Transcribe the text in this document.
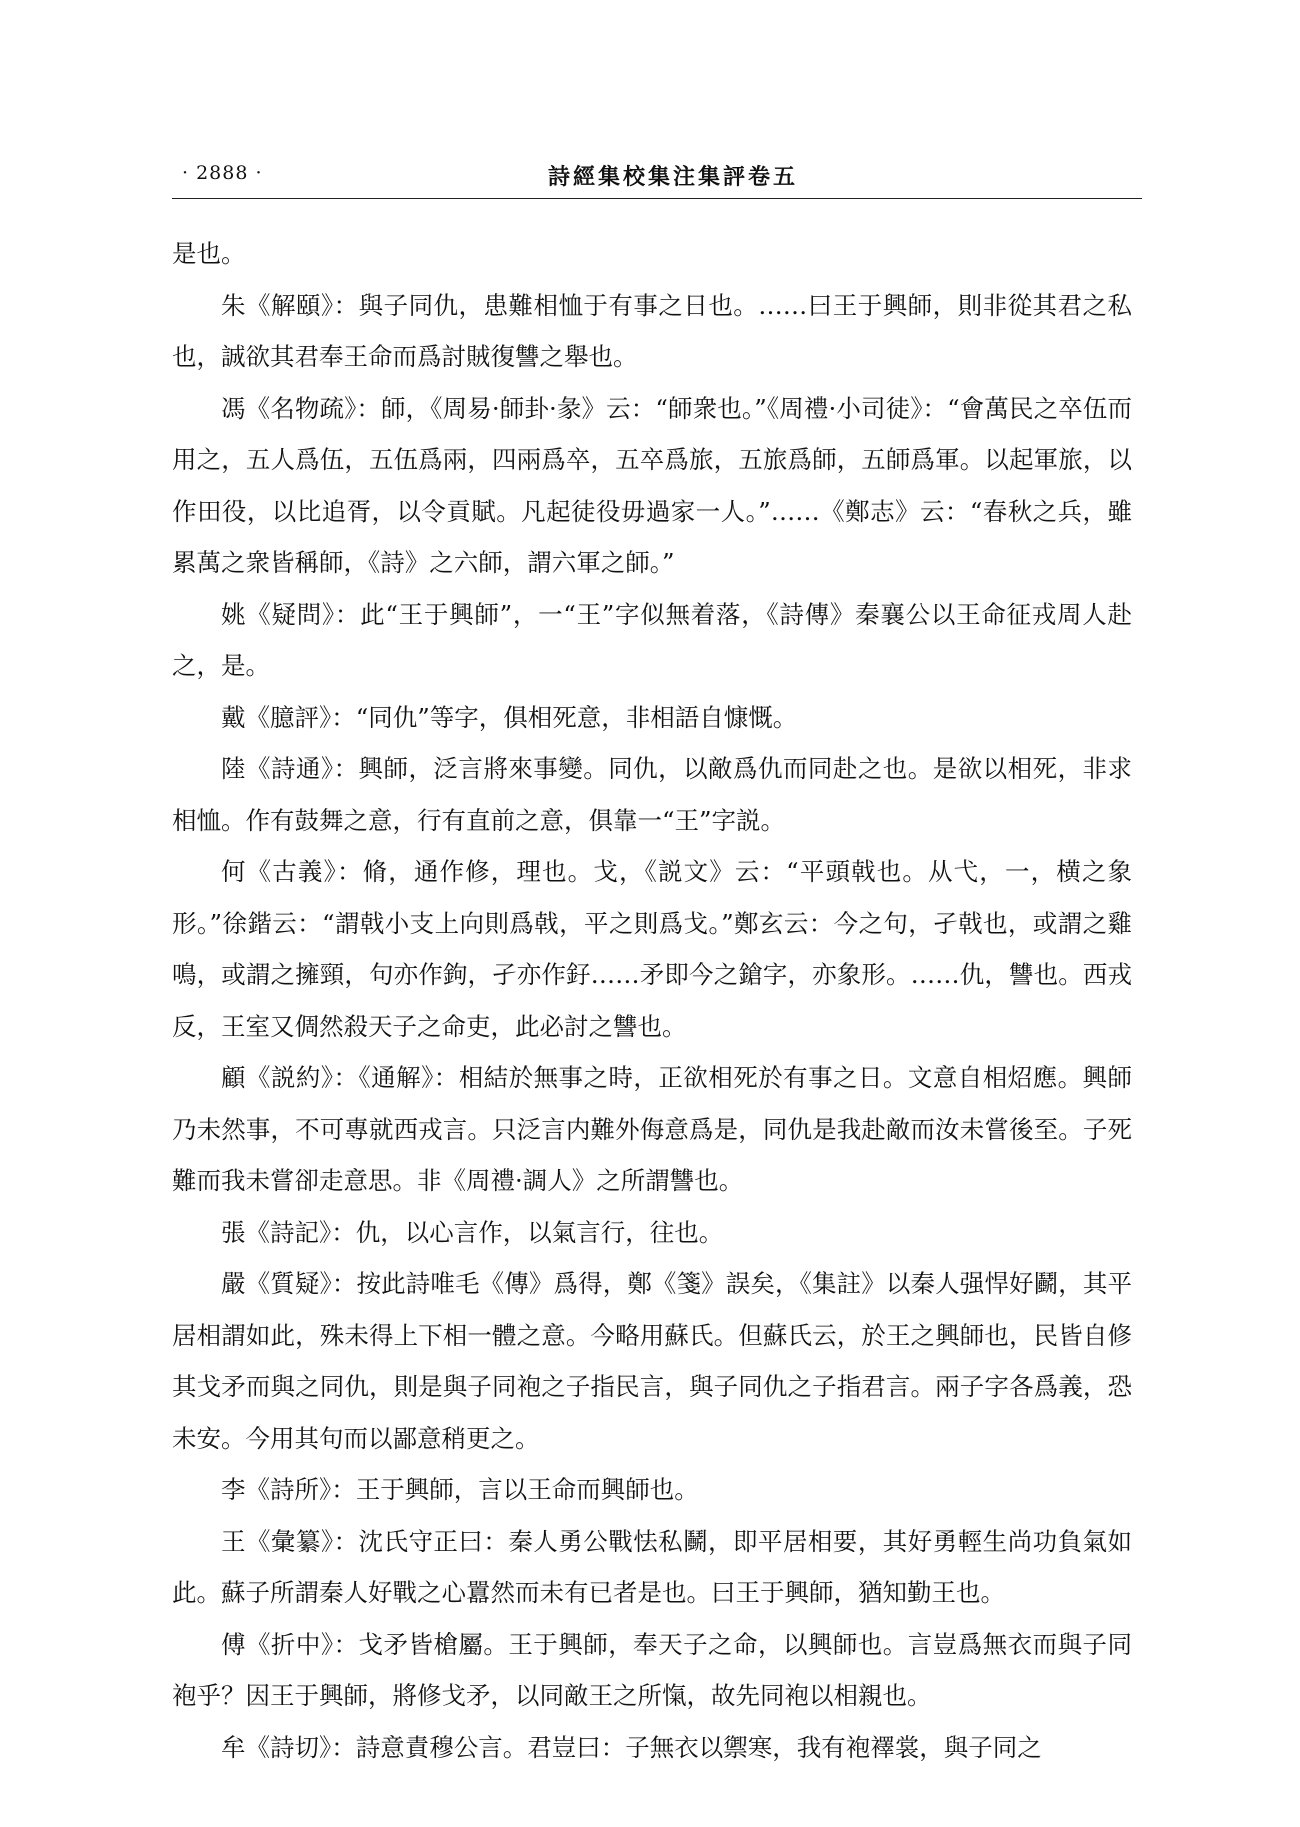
· 2888 ·	詩經集校集注集評卷五

是也。

朱《解頤》：與子同仇，患難相恤于有事之日也。……曰王于興師，則非從其君之私也，誠欲其君奉王命而爲討賊復讐之舉也。

馮《名物疏》：師，《周易·師卦·彖》云：“師衆也。”《周禮·小司徒》：“會萬民之卒伍而用之，五人爲伍，五伍爲兩，四兩爲卒，五卒爲旅，五旅爲師，五師爲軍。以起軍旅，以作田役，以比追胥，以令貢賦。凡起徒役毋過家一人。”……《鄭志》云：“春秋之兵，雖累萬之衆皆稱師，《詩》之六師，謂六軍之師。”

姚《疑問》：此“王于興師”，一“王”字似無着落，《詩傳》秦襄公以王命征戎周人赴之，是。

戴《臆評》：“同仇”等字，俱相死意，非相語自慷慨。

陸《詩通》：興師，泛言將來事變。同仇，以敵爲仇而同赴之也。是欲以相死，非求相恤。作有鼓舞之意，行有直前之意，俱靠一“王”字説。

何《古義》：脩，通作修，理也。戈，《説文》云：“平頭戟也。从弋，一，横之象形。”徐鍇云：“謂戟小支上向則爲戟，平之則爲戈。”鄭玄云：今之句，孑戟也，或謂之雞鳴，或謂之擁頸，句亦作鉤，孑亦作釨……矛即今之鎗字，亦象形。……仇，讐也。西戎反，王室又倜然殺天子之命吏，此必討之讐也。

顧《説約》：《通解》：相結於無事之時，正欲相死於有事之日。文意自相炤應。興師乃未然事，不可專就西戎言。只泛言内難外侮意爲是，同仇是我赴敵而汝未嘗後至。子死難而我未嘗卻走意思。非《周禮·調人》之所謂讐也。

張《詩記》：仇，以心言作，以氣言行，往也。

嚴《質疑》：按此詩唯毛《傳》爲得，鄭《箋》誤矣，《集註》以秦人强悍好鬬，其平居相謂如此，殊未得上下相一體之意。今略用蘇氏。但蘇氏云，於王之興師也，民皆自修其戈矛而與之同仇，則是與子同袍之子指民言，與子同仇之子指君言。兩子字各爲義，恐未安。今用其句而以鄙意稍更之。

李《詩所》：王于興師，言以王命而興師也。

王《彙纂》：沈氏守正曰：秦人勇公戰怯私鬭，即平居相要，其好勇輕生尚功負氣如此。蘇子所謂秦人好戰之心囂然而未有已者是也。曰王于興師，猶知勤王也。

傅《折中》：戈矛皆槍屬。王于興師，奉天子之命，以興師也。言豈爲無衣而與子同袍乎？因王于興師，將修戈矛，以同敵王之所愾，故先同袍以相親也。

牟《詩切》：詩意責穆公言。君豈曰：子無衣以禦寒，我有袍襗裳，與子同之
